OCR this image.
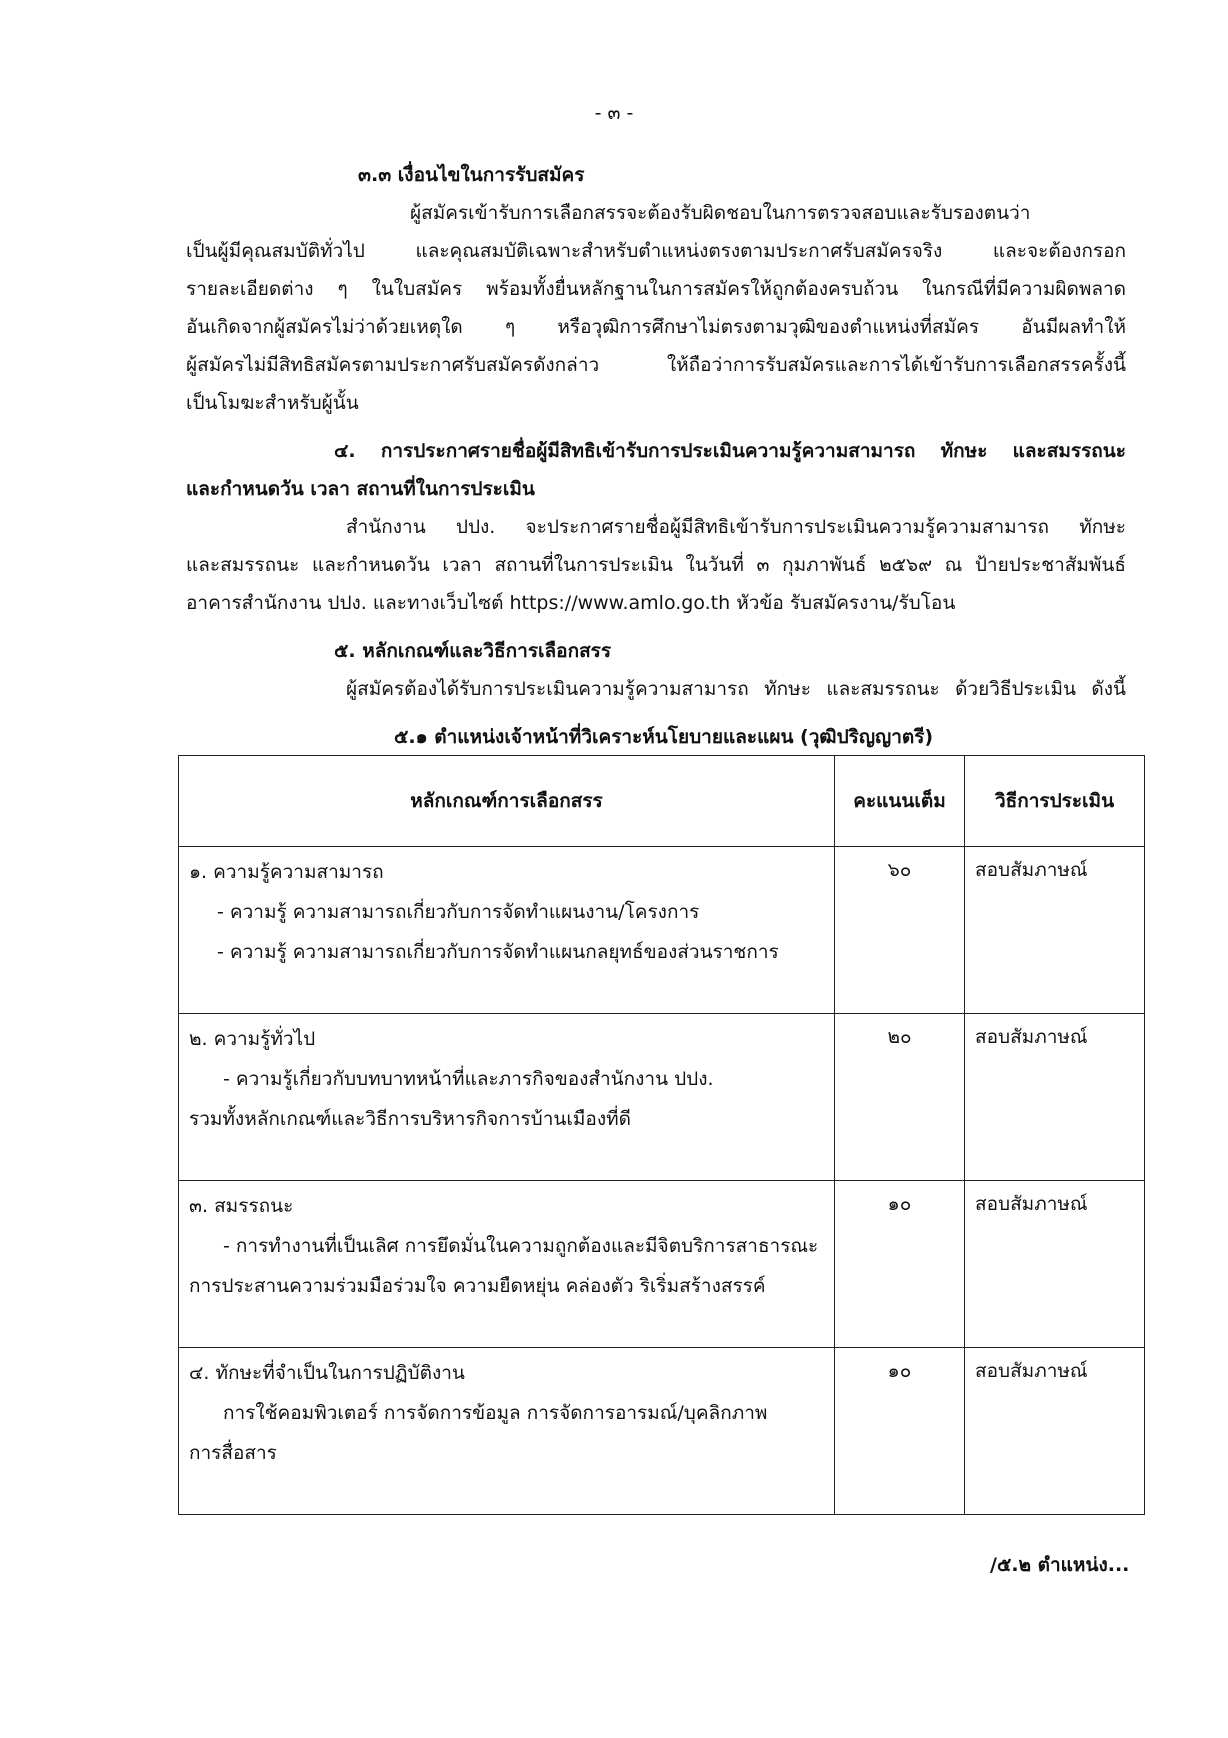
- ๓ -
๓.๓ เงื่อนไขในการรับสมัคร
ผู้สมัครเข้ารับการเลือกสรรจะต้องรับผิดชอบในการตรวจสอบและรับรองตนว่า
เป็นผู้มีคุณสมบัติทั่วไป และคุณสมบัติเฉพาะสำหรับตำแหน่งตรงตามประกาศรับสมัครจริง และจะต้องกรอก
รายละเอียดต่าง ๆ ในใบสมัคร พร้อมทั้งยื่นหลักฐานในการสมัครให้ถูกต้องครบถ้วน ในกรณีที่มีความผิดพลาด
อันเกิดจากผู้สมัครไม่ว่าด้วยเหตุใด ๆ หรือวุฒิการศึกษาไม่ตรงตามวุฒิของตำแหน่งที่สมัคร อันมีผลทำให้
ผู้สมัครไม่มีสิทธิสมัครตามประกาศรับสมัครดังกล่าว ให้ถือว่าการรับสมัครและการได้เข้ารับการเลือกสรรครั้งนี้
เป็นโมฆะสำหรับผู้นั้น
๔. การประกาศรายชื่อผู้มีสิทธิเข้ารับการประเมินความรู้ความสามารถ ทักษะ และสมรรถนะ
และกำหนดวัน เวลา สถานที่ในการประเมิน
สำนักงาน ปปง. จะประกาศรายชื่อผู้มีสิทธิเข้ารับการประเมินความรู้ความสามารถ ทักษะ
และสมรรถนะ และกำหนดวัน เวลา สถานที่ในการประเมิน ในวันที่ ๓ กุมภาพันธ์ ๒๕๖๙ ณ ป้ายประชาสัมพันธ์
อาคารสำนักงาน ปปง. และทางเว็บไซต์ https://www.amlo.go.th หัวข้อ รับสมัครงาน/รับโอน
๕. หลักเกณฑ์และวิธีการเลือกสรร
ผู้สมัครต้องได้รับการประเมินความรู้ความสามารถ ทักษะ และสมรรถนะ ด้วยวิธีประเมิน ดังนี้
๕.๑ ตำแหน่งเจ้าหน้าที่วิเคราะห์นโยบายและแผน (วุฒิปริญญาตรี)
หลักเกณฑ์การเลือกสรร	คะแนนเต็ม	วิธีการประเมิน

๑. ความรู้ความสามารถ
- ความรู้ ความสามารถเกี่ยวกับการจัดทำแผนงาน/โครงการ
- ความรู้ ความสามารถเกี่ยวกับการจัดทำแผนกลยุทธ์ของส่วนราชการ	๖๐	สอบสัมภาษณ์

๒. ความรู้ทั่วไป
- ความรู้เกี่ยวกับบทบาทหน้าที่และภารกิจของสำนักงาน ปปง.
รวมทั้งหลักเกณฑ์และวิธีการบริหารกิจการบ้านเมืองที่ดี	๒๐	สอบสัมภาษณ์

๓. สมรรถนะ
- การทำงานที่เป็นเลิศ การยึดมั่นในความถูกต้องและมีจิตบริการสาธารณะ
การประสานความร่วมมือร่วมใจ ความยืดหยุ่น คล่องตัว ริเริ่มสร้างสรรค์	๑๐	สอบสัมภาษณ์

๔. ทักษะที่จำเป็นในการปฏิบัติงาน
การใช้คอมพิวเตอร์ การจัดการข้อมูล การจัดการอารมณ์/บุคลิกภาพ
การสื่อสาร	๑๐	สอบสัมภาษณ์
/๕.๒ ตำแหน่ง...
